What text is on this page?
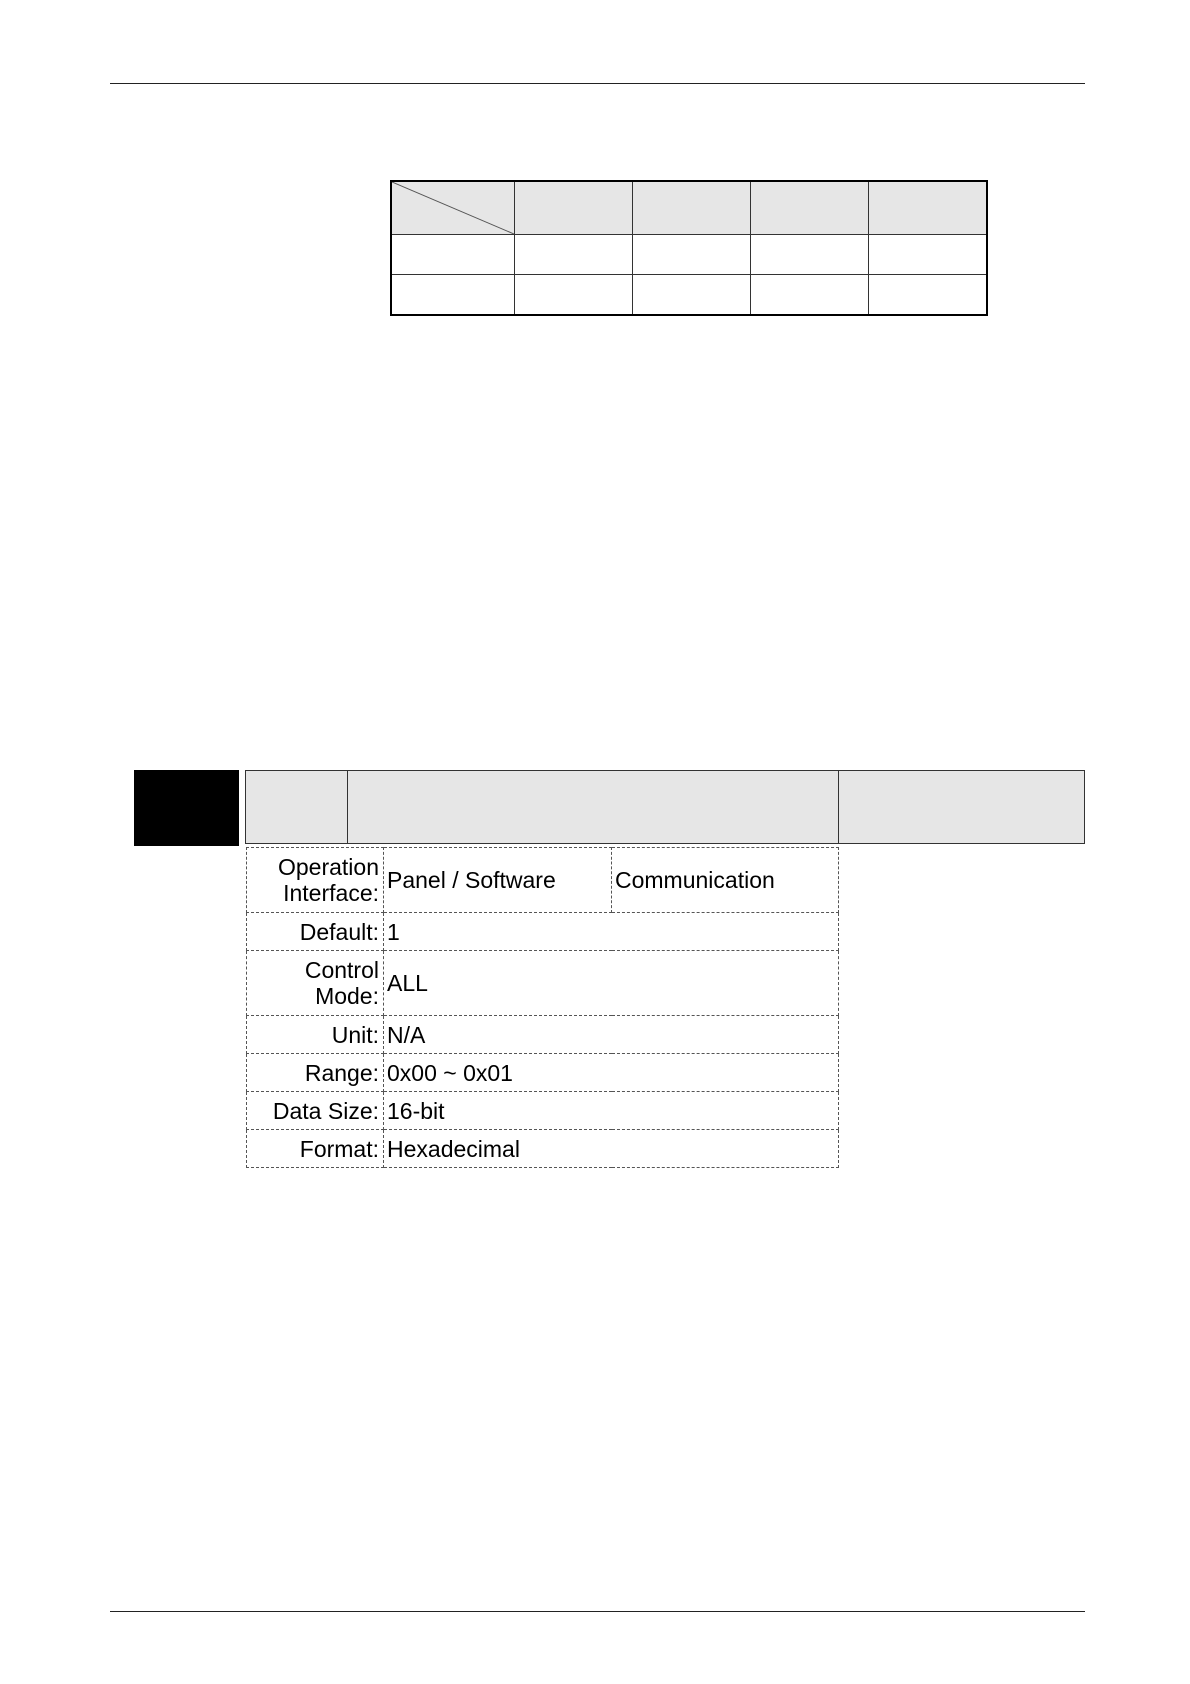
Operation Interface:	Panel / Software	Communication
Default:	1	
Control Mode:	ALL	
Unit:	N/A	
Range:	0x00 ~ 0x01	
Data Size:	16-bit	
Format:	Hexadecimal	
